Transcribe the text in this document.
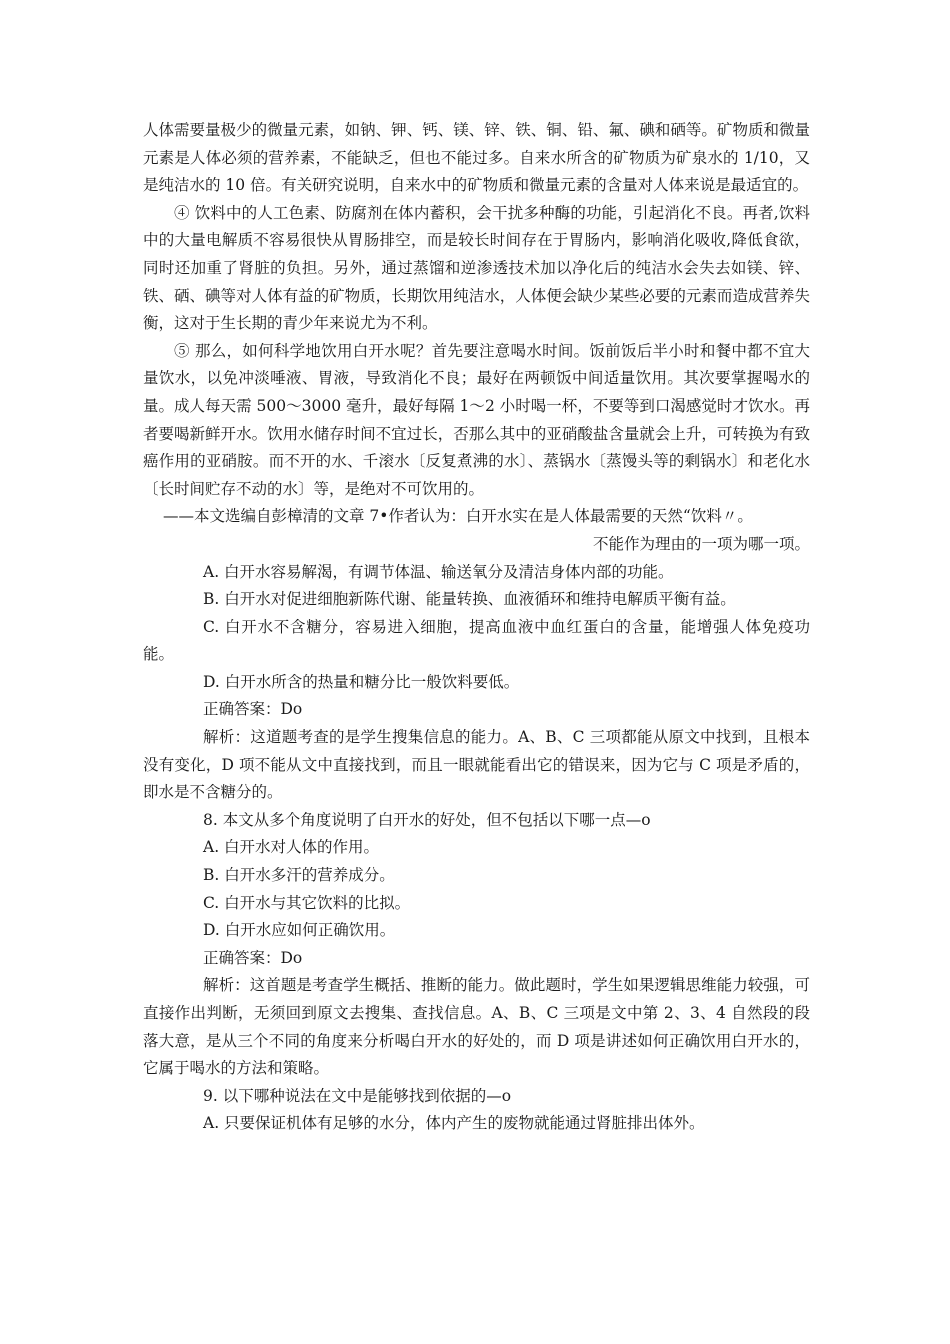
人体需要量极少的微量元素，如钠、钾、钙、镁、锌、铁、铜、铅、氟、碘和硒等。矿物质和微量元素是人体必须的营养素，不能缺乏，但也不能过多。自来水所含的矿物质为矿泉水的 1/10，又是纯洁水的 10 倍。有关研究说明，自来水中的矿物质和微量元素的含量对人体来说是最适宜的。

④ 饮料中的人工色素、防腐剂在体内蓄积，会干扰多种酶的功能，引起消化不良。再者,饮料中的大量电解质不容易很快从胃肠排空，而是较长时间存在于胃肠内，影响消化吸收,降低食欲，同时还加重了肾脏的负担。另外，通过蒸馏和逆渗透技术加以净化后的纯洁水会失去如镁、锌、铁、硒、碘等对人体有益的矿物质，长期饮用纯洁水，人体便会缺少某些必要的元素而造成营养失衡，这对于生长期的青少年来说尤为不利。

⑤ 那么，如何科学地饮用白开水呢？首先要注意喝水时间。饭前饭后半小时和餐中都不宜大量饮水，以免冲淡唾液、胃液，导致消化不良；最好在两顿饭中间适量饮用。其次要掌握喝水的量。成人每天需 500～3000 毫升，最好每隔 1～2 小时喝一杯，不要等到口渴感觉时才饮水。再者要喝新鲜开水。饮用水储存时间不宜过长，否那么其中的亚硝酸盐含量就会上升，可转换为有致癌作用的亚硝胺。而不开的水、千滚水〔反复煮沸的水〕、蒸锅水〔蒸馒头等的剩锅水〕和老化水〔长时间贮存不动的水〕等，是绝对不可饮用的。

——本文选编自彭樟清的文章 7•作者认为：白开水实在是人体最需要的天然“饮料〃。

不能作为理由的一项为哪一项。

A. 白开水容易解渴，有调节体温、输送氧分及清洁身体内部的功能。

B. 白开水对促进细胞新陈代谢、能量转换、血液循环和维持电解质平衡有益。

C. 白开水不含糖分，容易进入细胞，提高血液中血红蛋白的含量，能增强人体免疫功能。

D. 白开水所含的热量和糖分比一般饮料要低。

正确答案：Do

解析：这道题考查的是学生搜集信息的能力。A、B、C 三项都能从原文中找到，且根本没有变化，D 项不能从文中直接找到，而且一眼就能看出它的错误来，因为它与 C 项是矛盾的，即水是不含糖分的。

8. 本文从多个角度说明了白开水的好处，但不包括以下哪一点—o

A. 白开水对人体的作用。

B. 白开水多汗的营养成分。

C. 白开水与其它饮料的比拟。

D. 白开水应如何正确饮用。

正确答案：Do

解析：这首题是考查学生概括、推断的能力。做此题时，学生如果逻辑思维能力较强，可直接作出判断，无须回到原文去搜集、查找信息。A、B、C 三项是文中第 2、3、4 自然段的段落大意，是从三个不同的角度来分析喝白开水的好处的，而 D 项是讲述如何正确饮用白开水的，它属于喝水的方法和策略。

9. 以下哪种说法在文中是能够找到依据的—o

A. 只要保证机体有足够的水分，体内产生的废物就能通过肾脏排出体外。
